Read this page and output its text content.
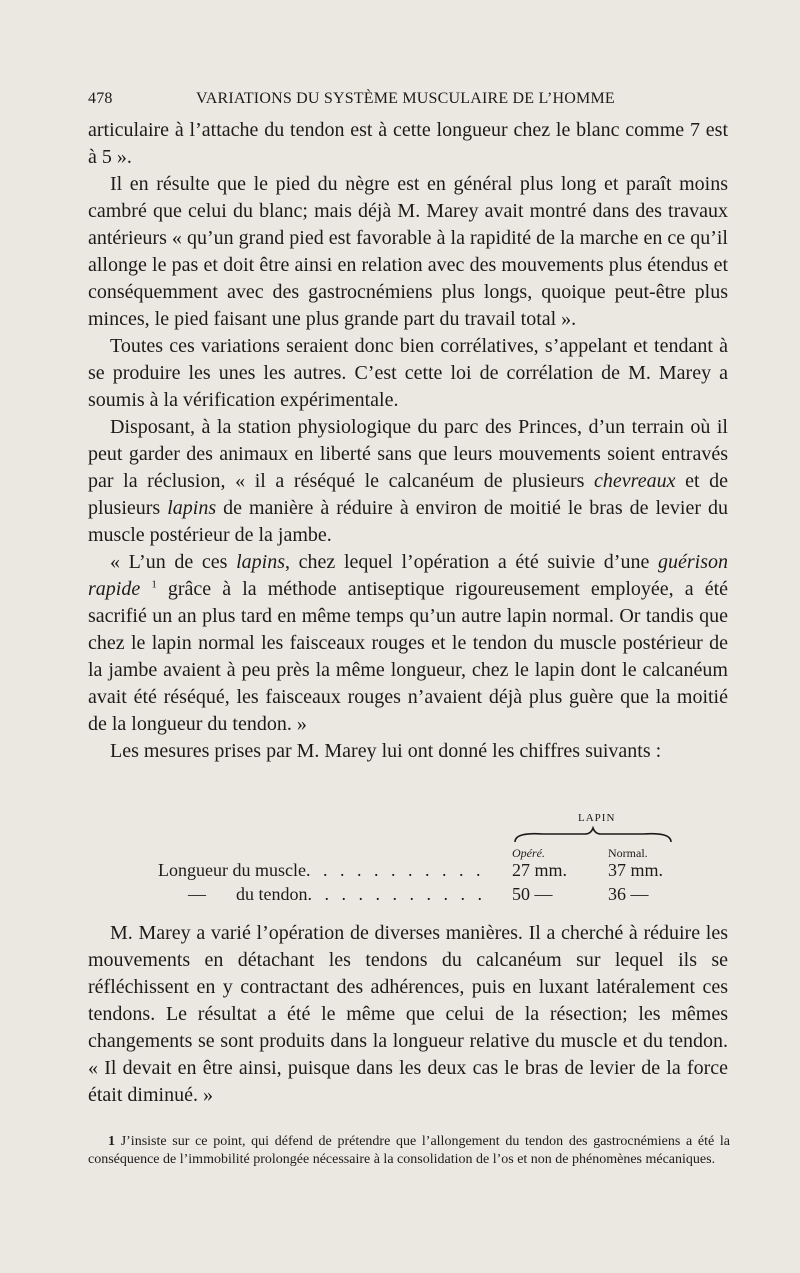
478	VARIATIONS DU SYSTÈME MUSCULAIRE DE L’HOMME

articulaire à l’attache du tendon est à cette longueur chez le blanc comme 7 est à 5 ».

Il en résulte que le pied du nègre est en général plus long et paraît moins cambré que celui du blanc; mais déjà M. Marey avait montré dans des travaux antérieurs « qu’un grand pied est favorable à la rapidité de la marche en ce qu’il allonge le pas et doit être ainsi en relation avec des mouvements plus étendus et conséquemment avec des gastrocnémiens plus longs, quoique peut-être plus minces, le pied faisant une plus grande part du travail total ».

Toutes ces variations seraient donc bien corrélatives, s’appelant et tendant à se produire les unes les autres. C’est cette loi de corrélation de M. Marey a soumis à la vérification expérimentale.

Disposant, à la station physiologique du parc des Princes, d’un terrain où il peut garder des animaux en liberté sans que leurs mouvements soient entravés par la réclusion, « il a réséqué le calcanéum de plusieurs chevreaux et de plusieurs lapins de manière à réduire à environ de moitié le bras de levier du muscle postérieur de la jambe.

« L’un de ces lapins, chez lequel l’opération a été suivie d’une guérison rapide $^1$ grâce à la méthode antiseptique rigoureusement employée, a été sacrifié un an plus tard en même temps qu’un autre lapin normal. Or tandis que chez le lapin normal les faisceaux rouges et le tendon du muscle postérieur de la jambe avaient à peu près la même longueur, chez le lapin dont le calcanéum avait été réséqué, les faisceaux rouges n’avaient déjà plus guère que la moitié de la longueur du tendon. »

Les mesures prises par M. Marey lui ont donné les chiffres suivants :

LAPIN
Opéré.	Normal.
Longueur du muscle. . . . . . . . . . . 27 mm. 37 mm.
— du tendon. . . . . . . . . . . 50 —	36 —

M. Marey a varié l’opération de diverses manières. Il a cherché à réduire les mouvements en détachant les tendons du calcanéum sur lequel ils se réfléchissent en y contractant des adhérences, puis en luxant latéralement ces tendons. Le résultat a été le même que celui de la résection; les mêmes changements se sont produits dans la longueur relative du muscle et du tendon. « Il devait en être ainsi, puisque dans les deux cas le bras de levier de la force était diminué. »

1 J’insiste sur ce point, qui défend de prétendre que l’allongement du tendon des gastrocnémiens a été la conséquence de l’immobilité prolongée nécessaire à la consolidation de l’os et non de phénomènes mécaniques.
